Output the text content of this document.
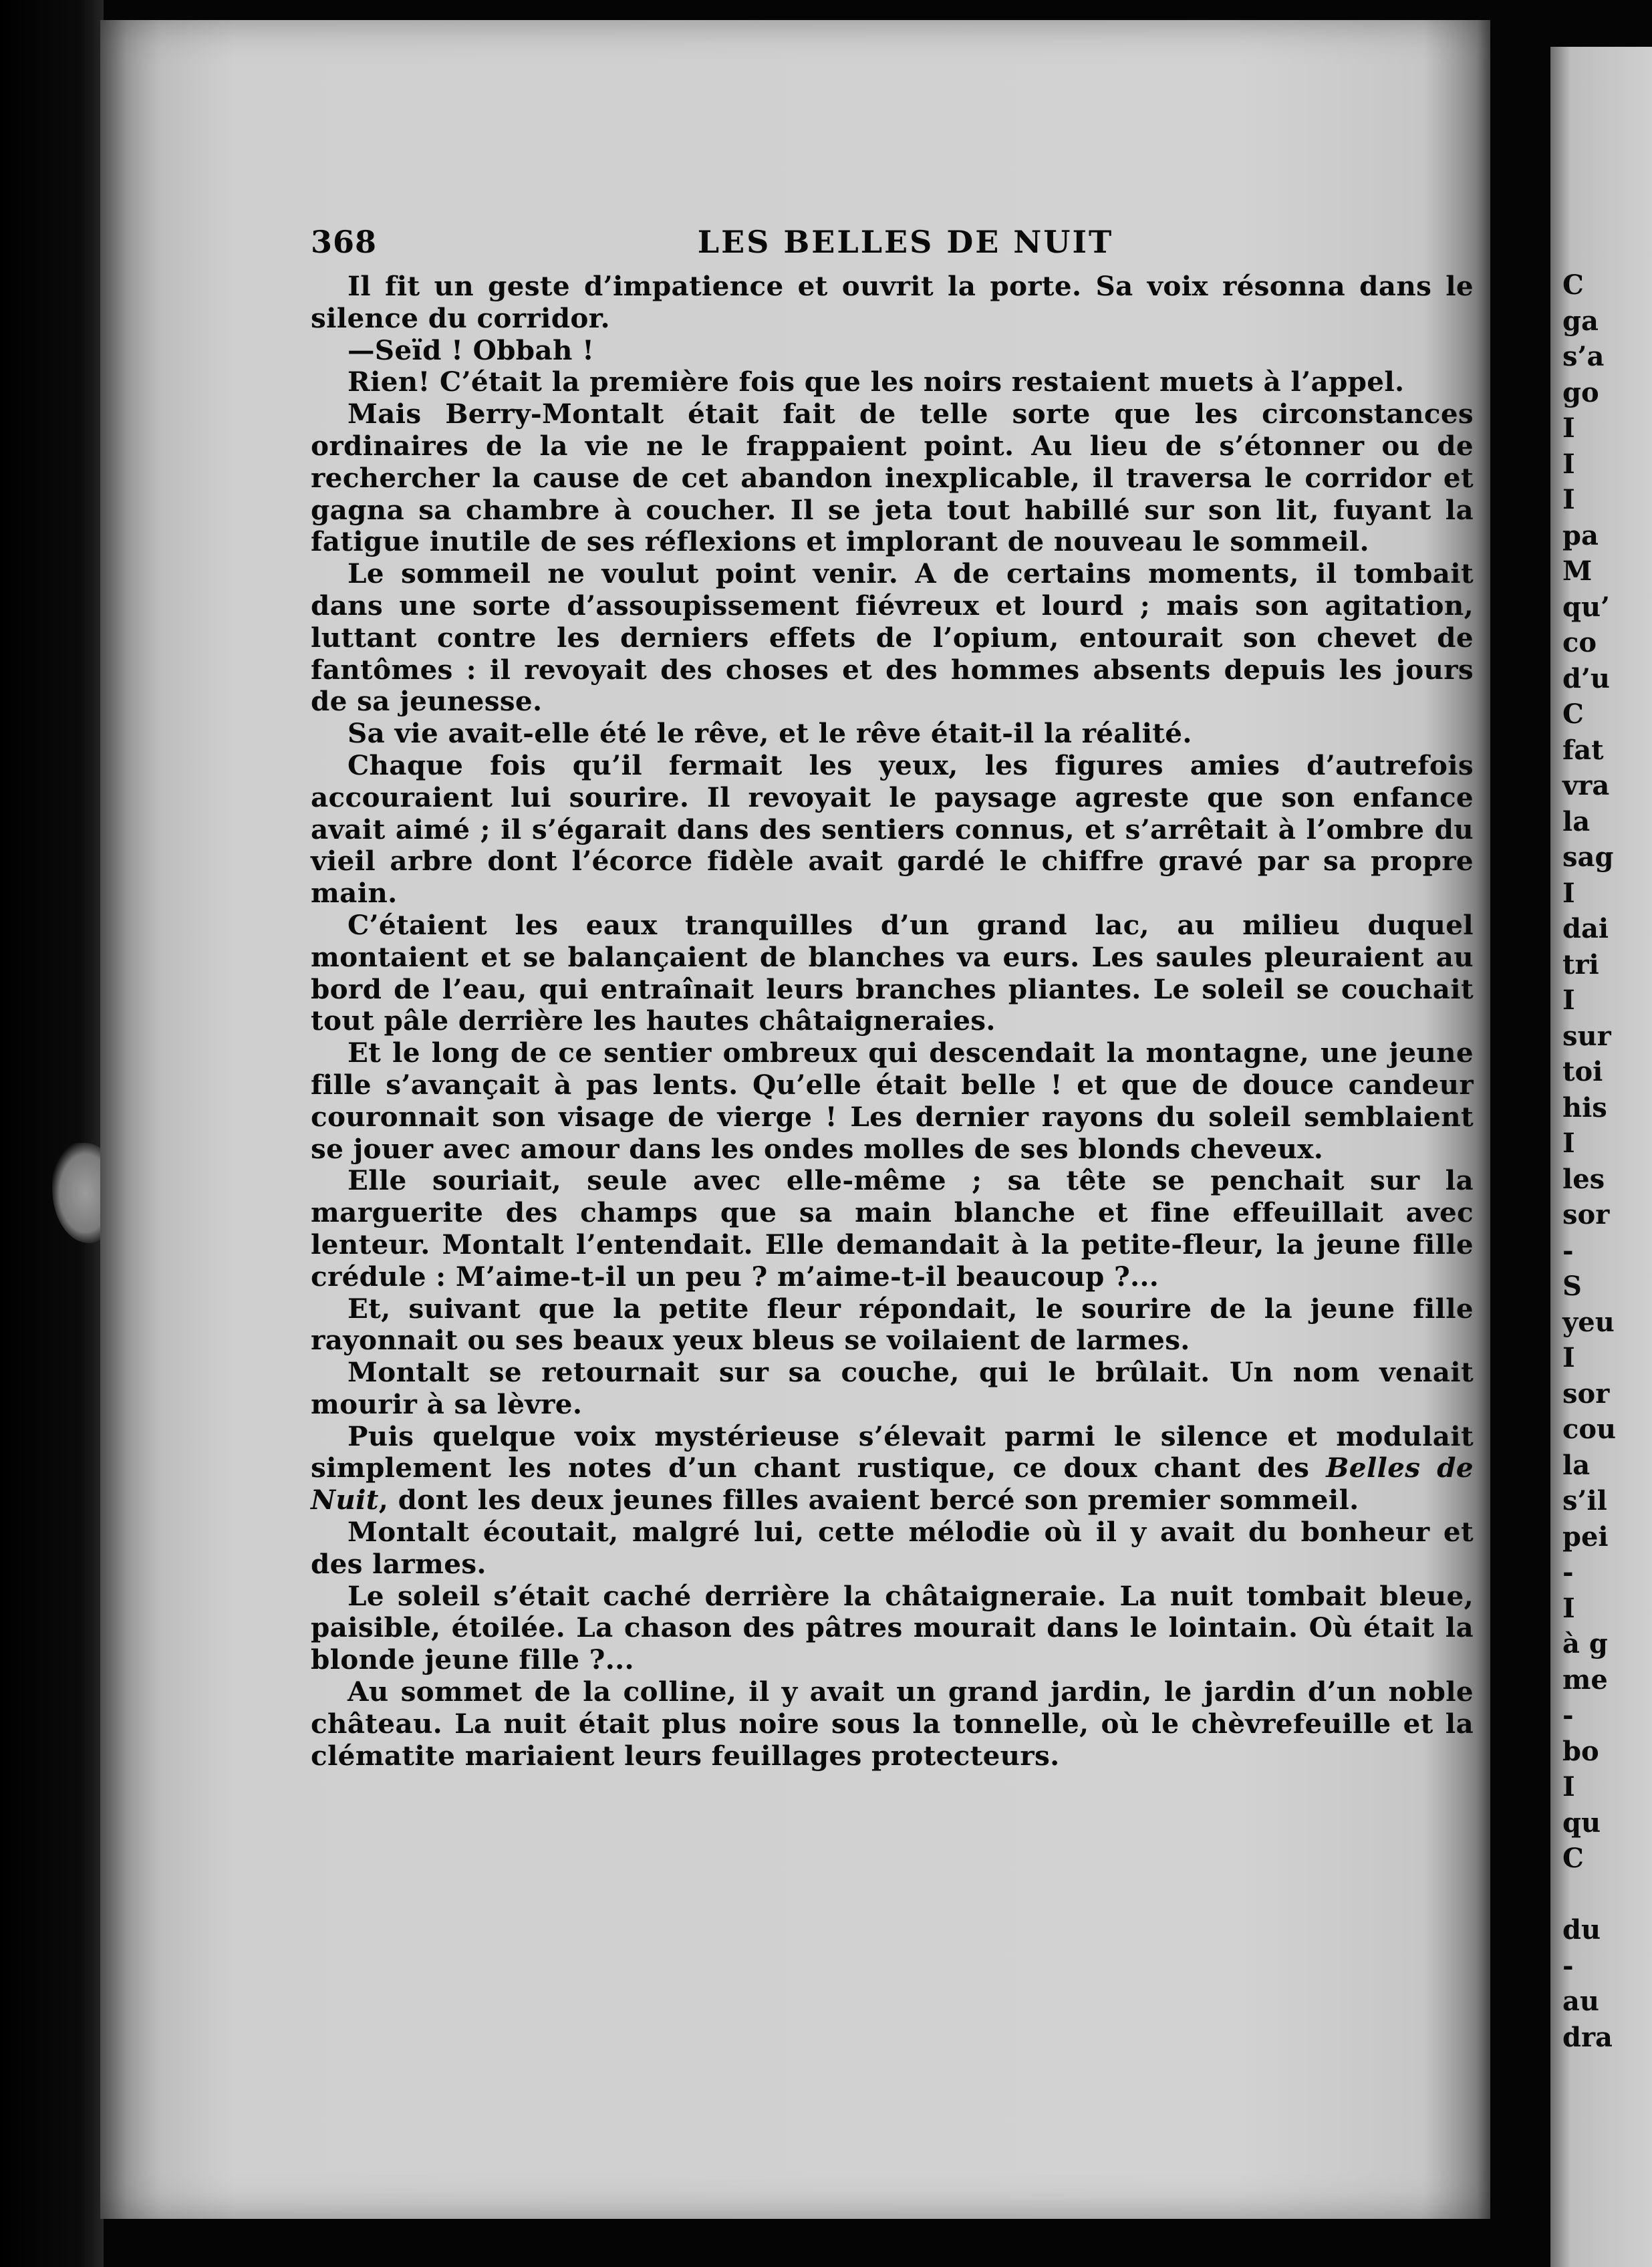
368	LES BELLES DE NUIT

Il fit un geste d’impatience et ouvrit la porte. Sa voix résonna dans le silence du corridor.

—Seïd ! Obbah !

Rien! C’était la première fois que les noirs restaient muets à l’appel.

Mais Berry-Montalt était fait de telle sorte que les circonstances ordinaires de la vie ne le frappaient point. Au lieu de s’étonner ou de rechercher la cause de cet abandon inexplicable, il traversa le corridor et gagna sa chambre à coucher. Il se jeta tout habillé sur son lit, fuyant la fatigue inutile de ses réflexions et implorant de nouveau le sommeil.

Le sommeil ne voulut point venir. A de certains moments, il tombait dans une sorte d’assoupissement fiévreux et lourd ; mais son agitation, luttant contre les derniers effets de l’opium, entourait son chevet de fantômes : il revoyait des choses et des hommes absents depuis les jours de sa jeunesse.

Sa vie avait-elle été le rêve, et le rêve était-il la réalité.

Chaque fois qu’il fermait les yeux, les figures amies d’autrefois accouraient lui sourire. Il revoyait le paysage agreste que son enfance avait aimé ; il s’égarait dans des sentiers connus, et s’arrêtait à l’ombre du vieil arbre dont l’écorce fidèle avait gardé le chiffre gravé par sa propre main.

C’étaient les eaux tranquilles d’un grand lac, au milieu duquel montaient et se balançaient de blanches va eurs. Les saules pleuraient au bord de l’eau, qui entraînait leurs branches pliantes. Le soleil se couchait tout pâle derrière les hautes châtaigneraies.

Et le long de ce sentier ombreux qui descendait la montagne, une jeune fille s’avançait à pas lents. Qu’elle était belle ! et que de douce candeur couronnait son visage de vierge ! Les dernier rayons du soleil semblaient se jouer avec amour dans les ondes molles de ses blonds cheveux.

Elle souriait, seule avec elle-même ; sa tête se penchait sur la marguerite des champs que sa main blanche et fine effeuillait avec lenteur. Montalt l’entendait. Elle demandait à la petite-fleur, la jeune fille crédule : M’aime-t-il un peu ? m’aime-t-il beaucoup ?...

Et, suivant que la petite fleur répondait, le sourire de la jeune fille rayonnait ou ses beaux yeux bleus se voilaient de larmes.

Montalt se retournait sur sa couche, qui le brûlait. Un nom venait mourir à sa lèvre.

Puis quelque voix mystérieuse s’élevait parmi le silence et modulait simplement les notes d’un chant rustique, ce doux chant des Belles de Nuit, dont les deux jeunes filles avaient bercé son premier sommeil.

Montalt écoutait, malgré lui, cette mélodie où il y avait du bonheur et des larmes.

Le soleil s’était caché derrière la châtaigneraie. La nuit tombait bleue, paisible, étoilée. La chason des pâtres mourait dans le lointain. Où était la blonde jeune fille ?...

Au sommet de la colline, il y avait un grand jardin, le jardin d’un noble château. La nuit était plus noire sous la tonnelle, où le chèvrefeuille et la clématite mariaient leurs feuillages protecteurs.

C
ga
s’a
go
I
I
I
pa
M
qu’
co
d’u
C
fat
vra
la
sag
I
dai
tri
I
sur
toi
his
I
les
sor
-
S
yeu
I
sor
cou
la
s’il
pei
-
I
à g
me
-
bo
I
qu
C

du
-
au
dra
